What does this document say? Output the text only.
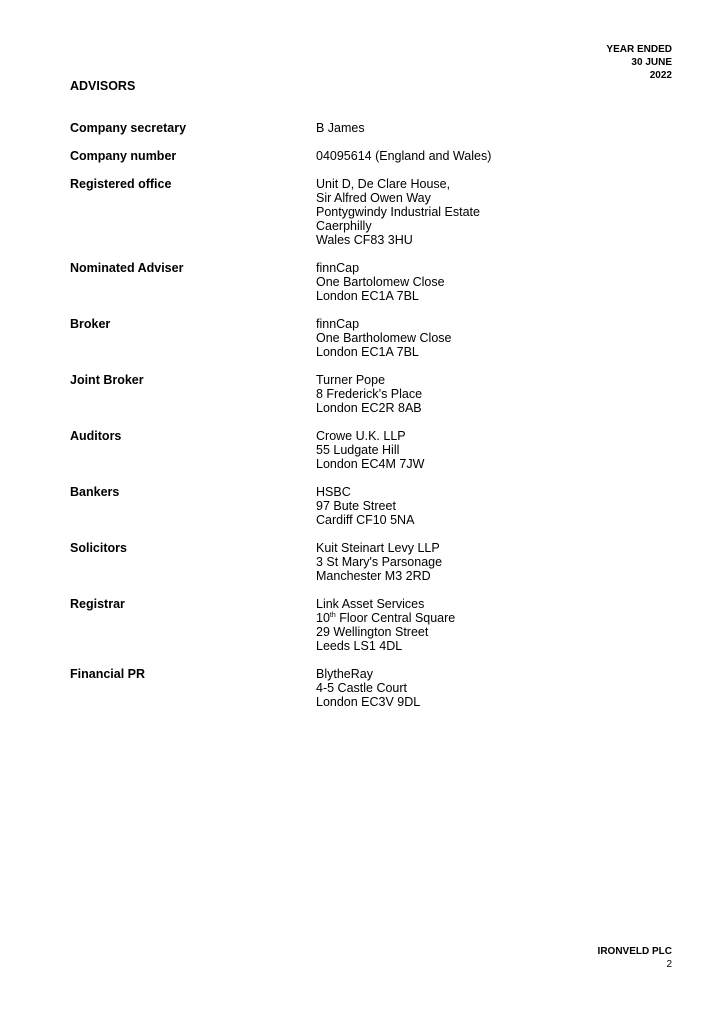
YEAR ENDED
30 JUNE
2022
ADVISORS
Company secretary	B James
Company number	04095614 (England and Wales)
Registered office	Unit D, De Clare House,
Sir Alfred Owen Way
Pontygwindy Industrial Estate
Caerphilly
Wales CF83 3HU
Nominated Adviser	finnCap
One Bartolomew Close
London EC1A 7BL
Broker	finnCap
One Bartholomew Close
London EC1A 7BL
Joint Broker	Turner Pope
8 Frederick’s Place
London EC2R 8AB
Auditors	Crowe U.K. LLP
55 Ludgate Hill
London EC4M 7JW
Bankers	HSBC
97 Bute Street
Cardiff CF10 5NA
Solicitors	Kuit Steinart Levy LLP
3 St Mary's Parsonage
Manchester M3 2RD
Registrar	Link Asset Services
10th Floor Central Square
29 Wellington Street
Leeds LS1 4DL
Financial PR	BlytheRay
4-5 Castle Court
London EC3V 9DL
IRONVELD PLC
2
